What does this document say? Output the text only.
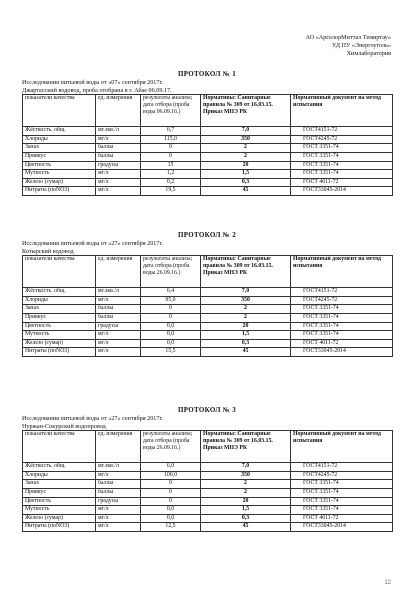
АО «АрселорМиттал Темиртау»
УД ПУ «Энергоуголь»
Химлаборатория
ПРОТОКОЛ № 1
Исследования питьевой воды от «07» сентября 2017г.
Джартасский водовод, проба отобрана в г. Абае 06.09.17.
показатели качества	ед. измерения	результаты анализа; дата отбора (проба воды 06.09.16.)	Нормативы: Санитарные правила № 309 от 16.03.15. Приказ МНЭ РК	Нормативный документ на метод испытания
Жёсткость. общ.	мг.экв./л	6,7	7,0	ГОСТ4151-72
Хлориды	мг/л	115,0	350	ГОСТ4245-72
Запах	баллы	0	2	ГОСТ 3351-74
Привкус	баллы	0	2	ГОСТ 3351-74
Цветность	градусы	15	20	ГОСТ 3351-74
Мутность	мг/л	1,2	1,5	ГОСТ 3351-74
Железо (сумар)	мг/л	0,2	0,3	ГОСТ 4011-72
Нитраты (поNO3)	мг/л	19,5	45	ГОСТ33045-2014
ПРОТОКОЛ № 2
Исследования питьевой воды от «27» сентября 2017г.
Котырский водовод
показатели качества	ед. измерения	результаты анализа; дата отбора (проба воды 26.09.16.)	Нормативы: Санитарные правила № 309 от 16.03.15. Приказ МНЭ РК	Нормативный документ на метод испытания
Жёсткость. общ.	мг.экв./л	6,4	7,0	ГОСТ4151-72
Хлориды	мг/л	95,0	350	ГОСТ4245-72
Запах	баллы	0	2	ГОСТ 3351-74
Привкус	баллы	0	2	ГОСТ 3351-74
Цветность	градусы	0,0	20	ГОСТ 3351-74
Мутность	мг/л	0,0	1,5	ГОСТ 3351-74
Железо (сумар)	мг/л	0,0	0,3	ГОСТ 4011-72
Нитраты (поNO3)	мг/л	15,5	45	ГОСТ33045-2014
ПРОТОКОЛ № 3
Исследования питьевой воды от «27» сентября 2017г.
Нуржан-Сокурский водопровод
показатели качества	ед. измерения	результаты анализа; дата отбора (проба воды 26.09.16.)	Нормативы: Санитарные правила № 309 от 16.03.15. Приказ МНЭ РК	Нормативный документ на метод испытания
Жёсткость. общ.	мг.экв./л	6,0	7,0	ГОСТ4151-72
Хлориды	мг/л	100,0	350	ГОСТ4245-72
Запах	баллы	0	2	ГОСТ 3351-74
Привкус	баллы	0	2	ГОСТ 3351-74
Цветность	градусы	0	20	ГОСТ 3351-74
Мутность	мг/л	0,0	1,5	ГОСТ 3351-74
Железо (сумар)	мг/л	0,0	0,3	ГОСТ 4011-72
Нитраты (поNO3)	мг/л	12,5	45	ГОСТ33045-2014
12
